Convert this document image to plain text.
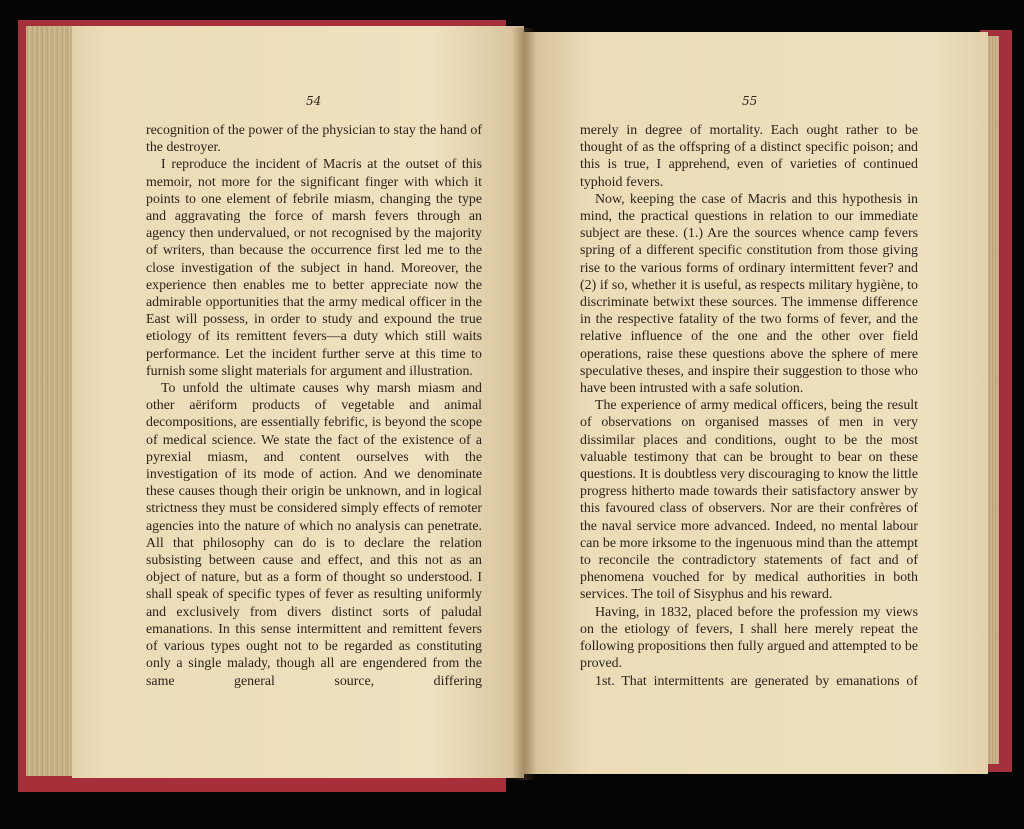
54	55

recognition of the power of the physician to stay the hand of the destroyer.

I reproduce the incident of Macris at the outset of this memoir, not more for the significant finger with which it points to one element of febrile miasm, changing the type and aggravating the force of marsh fevers through an agency then undervalued, or not recognised by the majority of writers, than because the occurrence first led me to the close investigation of the subject in hand. Moreover, the experience then enables me to better appreciate now the admirable opportunities that the army medical officer in the East will possess, in order to study and expound the true etiology of its remittent fevers—a duty which still waits performance. Let the incident further serve at this time to furnish some slight materials for argument and illustration.

To unfold the ultimate causes why marsh miasm and other aëriform products of vegetable and animal decompositions, are essentially febrific, is beyond the scope of medical science. We state the fact of the existence of a pyrexial miasm, and content ourselves with the investigation of its mode of action. And we denominate these causes though their origin be unknown, and in logical strictness they must be considered simply effects of remoter agencies into the nature of which no analysis can penetrate. All that philosophy can do is to declare the relation subsisting between cause and effect, and this not as an object of nature, but as a form of thought so understood. I shall speak of specific types of fever as resulting uniformly and exclusively from divers distinct sorts of paludal emanations. In this sense intermittent and remittent fevers of various types ought not to be regarded as constituting only a single malady, though all are engendered from the same general source, differing

merely in degree of mortality. Each ought rather to be thought of as the offspring of a distinct specific poison; and this is true, I apprehend, even of varieties of continued typhoid fevers.

Now, keeping the case of Macris and this hypothesis in mind, the practical questions in relation to our immediate subject are these. (1.) Are the sources whence camp fevers spring of a different specific constitution from those giving rise to the various forms of ordinary intermittent fever? and (2) if so, whether it is useful, as respects military hygiène, to discriminate betwixt these sources. The immense difference in the respective fatality of the two forms of fever, and the relative influence of the one and the other over field operations, raise these questions above the sphere of mere speculative theses, and inspire their suggestion to those who have been intrusted with a safe solution.

The experience of army medical officers, being the result of observations on organised masses of men in very dissimilar places and conditions, ought to be the most valuable testimony that can be brought to bear on these questions. It is doubtless very discouraging to know the little progress hitherto made towards their satisfactory answer by this favoured class of observers. Nor are their confrères of the naval service more advanced. Indeed, no mental labour can be more irksome to the ingenuous mind than the attempt to reconcile the contradictory statements of fact and of phenomena vouched for by medical authorities in both services. The toil of Sisyphus and his reward.

Having, in 1832, placed before the profession my views on the etiology of fevers, I shall here merely repeat the following propositions then fully argued and attempted to be proved.

1st. That intermittents are generated by emanations of
